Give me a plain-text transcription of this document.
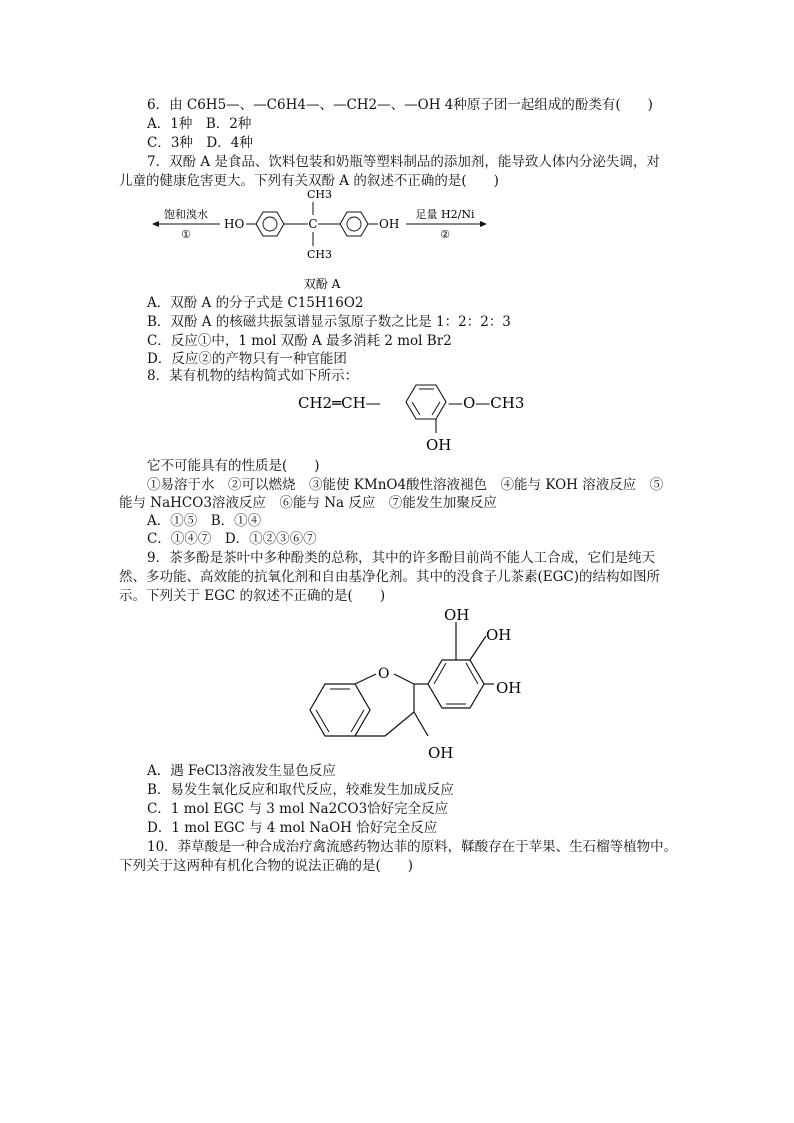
6．由 C6H5—、—C6H4—、—CH2—、—OH 4种原子团一起组成的酚类有(　　)
A．1种　B．2种
C．3种　D．4种
7．双酚 A 是食品、饮料包装和奶瓶等塑料制品的添加剂，能导致人体内分泌失调，对
儿童的健康危害更大。下列有关双酚 A 的叙述不正确的是(　　)
饱和溴水
①
HO	C
CH3
CH3
OH
足量 H2/Ni
②
双酚 A
A．双酚 A 的分子式是 C15H16O2
B．双酚 A 的核磁共振氢谱显示氢原子数之比是 1：2：2：3
C．反应①中，1 mol 双酚 A 最多消耗 2 mol Br2
D．反应②的产物只有一种官能团
8．某有机物的结构简式如下所示：
CH2═CH—	—O—CH3
OH
它不可能具有的性质是(　　)
①易溶于水　②可以燃烧　③能使 KMnO4酸性溶液褪色　④能与 KOH 溶液反应　⑤
能与 NaHCO3溶液反应　⑥能与 Na 反应　⑦能发生加聚反应
A．①⑤　B．①④
C．①④⑦　D．①②③⑥⑦
9．茶多酚是茶叶中多种酚类的总称，其中的许多酚目前尚不能人工合成，它们是纯天
然、多功能、高效能的抗氧化剂和自由基净化剂。其中的没食子儿茶素(EGC)的结构如图所
示。下列关于 EGC 的叙述不正确的是(　　)
O
OH
OH
OH
OH
A．遇 FeCl3溶液发生显色反应
B．易发生氧化反应和取代反应，较难发生加成反应
C．1 mol EGC 与 3 mol Na2CO3恰好完全反应
D．1 mol EGC 与 4 mol NaOH 恰好完全反应
10．莽草酸是一种合成治疗禽流感药物达菲的原料，鞣酸存在于苹果、生石榴等植物中。
下列关于这两种有机化合物的说法正确的是(　　)
